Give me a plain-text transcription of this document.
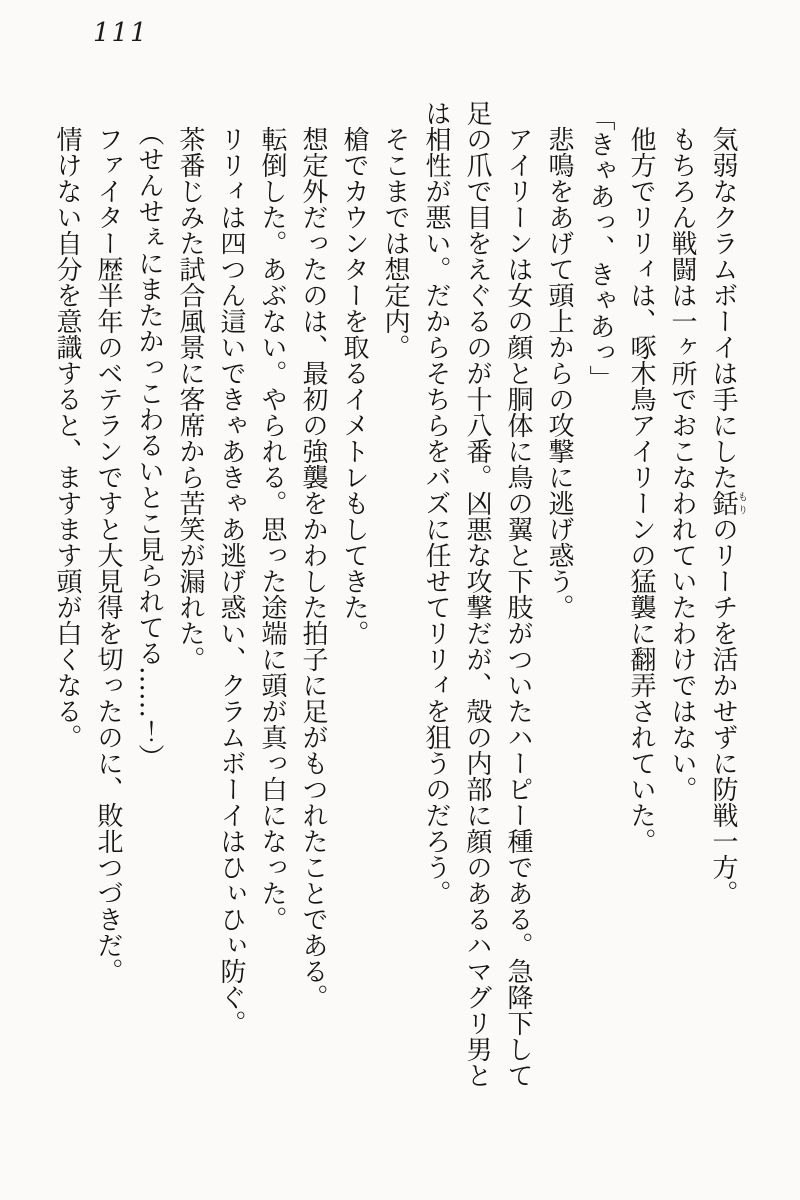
111

気弱なクラムボーイは手にした銛もりのリーチを活かせずに防戦一方。

もちろん戦闘は一ヶ所でおこなわれていたわけではない。

他方でリリィは、啄木鳥アイリーンの猛襲に翻弄されていた。

「きゃあっ、きゃあっ」

悲鳴をあげて頭上からの攻撃に逃げ惑う。

アイリーンは女の顔と胴体に鳥の翼と下肢がついたハーピー種である。急降下して足の爪で目をえぐるのが十八番。凶悪な攻撃だが、殻の内部に顔のあるハマグリ男とは相性が悪い。だからそちらをバズに任せてリリィを狙うのだろう。

そこまでは想定内。

槍でカウンターを取るイメトレもしてきた。

想定外だったのは、最初の強襲をかわした拍子に足がもつれたことである。

転倒した。あぶない。やられる。思った途端に頭が真っ白になった。

リリィは四つん這いできゃあきゃあ逃げ惑い、クラムボーイはひぃひぃ防ぐ。

茶番じみた試合風景に客席から苦笑が漏れた。

（せんせぇにまたかっこわるいとこ見られてる……！）

ファイター歴半年のベテランですと大見得を切ったのに、敗北つづきだ。

情けない自分を意識すると、ますます頭が白くなる。
